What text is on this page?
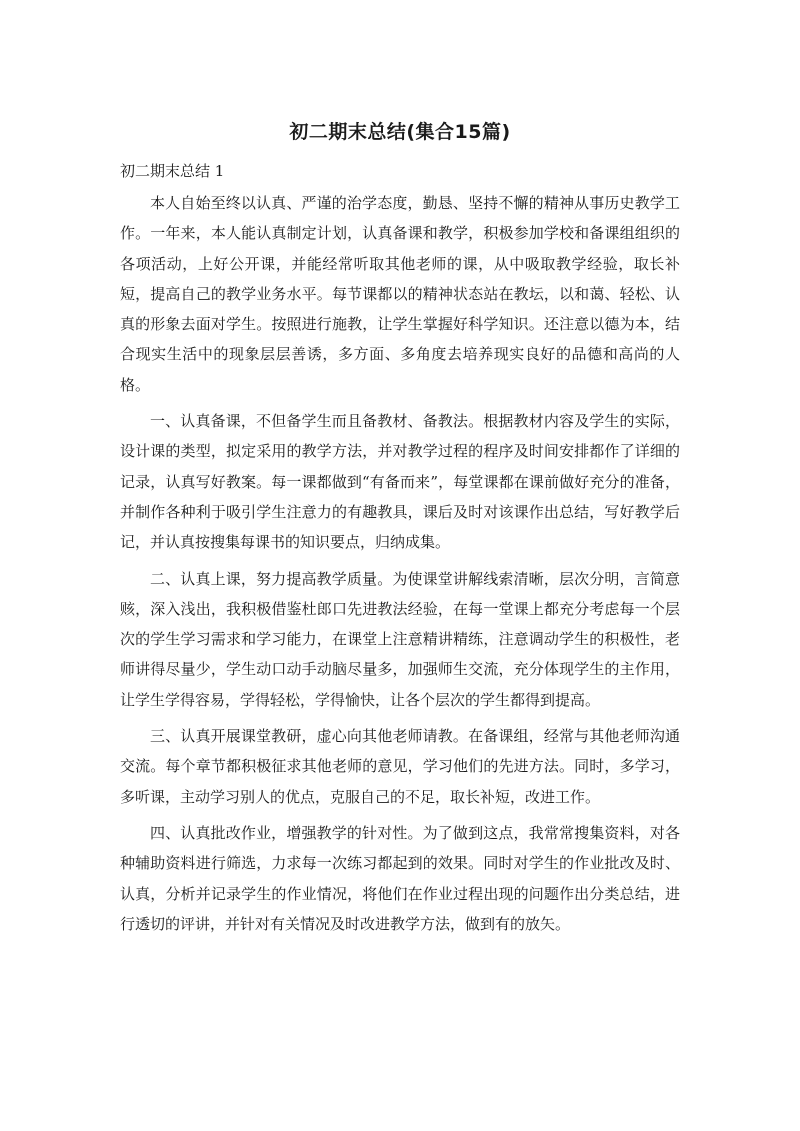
初二期末总结(集合15篇)
初二期末总结 1

本人自始至终以认真、严谨的治学态度，勤恳、坚持不懈的精神从事历史教学工作。一年来，本人能认真制定计划，认真备课和教学，积极参加学校和备课组组织的各项活动，上好公开课，并能经常听取其他老师的课，从中吸取教学经验，取长补短，提高自己的教学业务水平。每节课都以的精神状态站在教坛，以和蔼、轻松、认真的形象去面对学生。按照进行施教，让学生掌握好科学知识。还注意以德为本，结合现实生活中的现象层层善诱，多方面、多角度去培养现实良好的品德和高尚的人格。

一、认真备课，不但备学生而且备教材、备教法。根据教材内容及学生的实际，设计课的类型，拟定采用的教学方法，并对教学过程的程序及时间安排都作了详细的记录，认真写好教案。每一课都做到“有备而来”，每堂课都在课前做好充分的准备，并制作各种利于吸引学生注意力的有趣教具，课后及时对该课作出总结，写好教学后记，并认真按搜集每课书的知识要点，归纳成集。

二、认真上课，努力提高教学质量。为使课堂讲解线索清晰，层次分明，言简意赅，深入浅出，我积极借鉴杜郎口先进教法经验，在每一堂课上都充分考虑每一个层次的学生学习需求和学习能力，在课堂上注意精讲精练，注意调动学生的积极性，老师讲得尽量少，学生动口动手动脑尽量多，加强师生交流，充分体现学生的主作用，让学生学得容易，学得轻松，学得愉快，让各个层次的学生都得到提高。

三、认真开展课堂教研，虚心向其他老师请教。在备课组，经常与其他老师沟通交流。每个章节都积极征求其他老师的意见，学习他们的先进方法。同时，多学习，多听课，主动学习别人的优点，克服自己的不足，取长补短，改进工作。

四、认真批改作业，增强教学的针对性。为了做到这点，我常常搜集资料，对各种辅助资料进行筛选，力求每一次练习都起到的效果。同时对学生的作业批改及时、认真，分析并记录学生的作业情况，将他们在作业过程出现的问题作出分类总结，进行透切的评讲，并针对有关情况及时改进教学方法，做到有的放矢。
